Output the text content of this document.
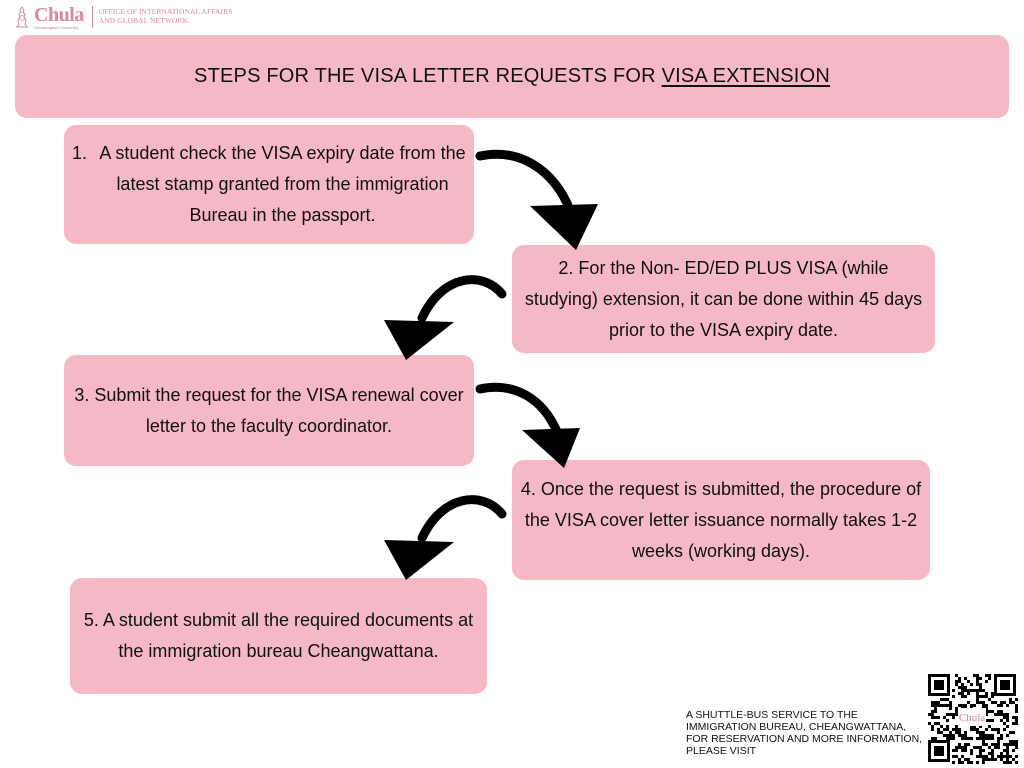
Chula
Chulalongkorn University
OFFICE OF INTERNATIONAL AFFAIRS
AND GLOBAL NETWORK
STEPS FOR THE VISA LETTER REQUESTS FOR VISA EXTENSION
1. A student check the VISA expiry date from the latest stamp granted from the immigration Bureau in the passport.
2. For the Non- ED/ED PLUS VISA (while studying) extension, it can be done within 45 days prior to the VISA expiry date.
3. Submit the request for the VISA renewal cover letter to the faculty coordinator.
4. Once the request is submitted, the procedure of the VISA cover letter issuance normally takes 1-2 weeks (working days).
5. A student submit all the required documents at the immigration bureau Cheangwattana.
A SHUTTLE-BUS SERVICE TO THE IMMIGRATION BUREAU, CHEANGWATTANA, FOR RESERVATION AND MORE INFORMATION, PLEASE VISIT
Chula
